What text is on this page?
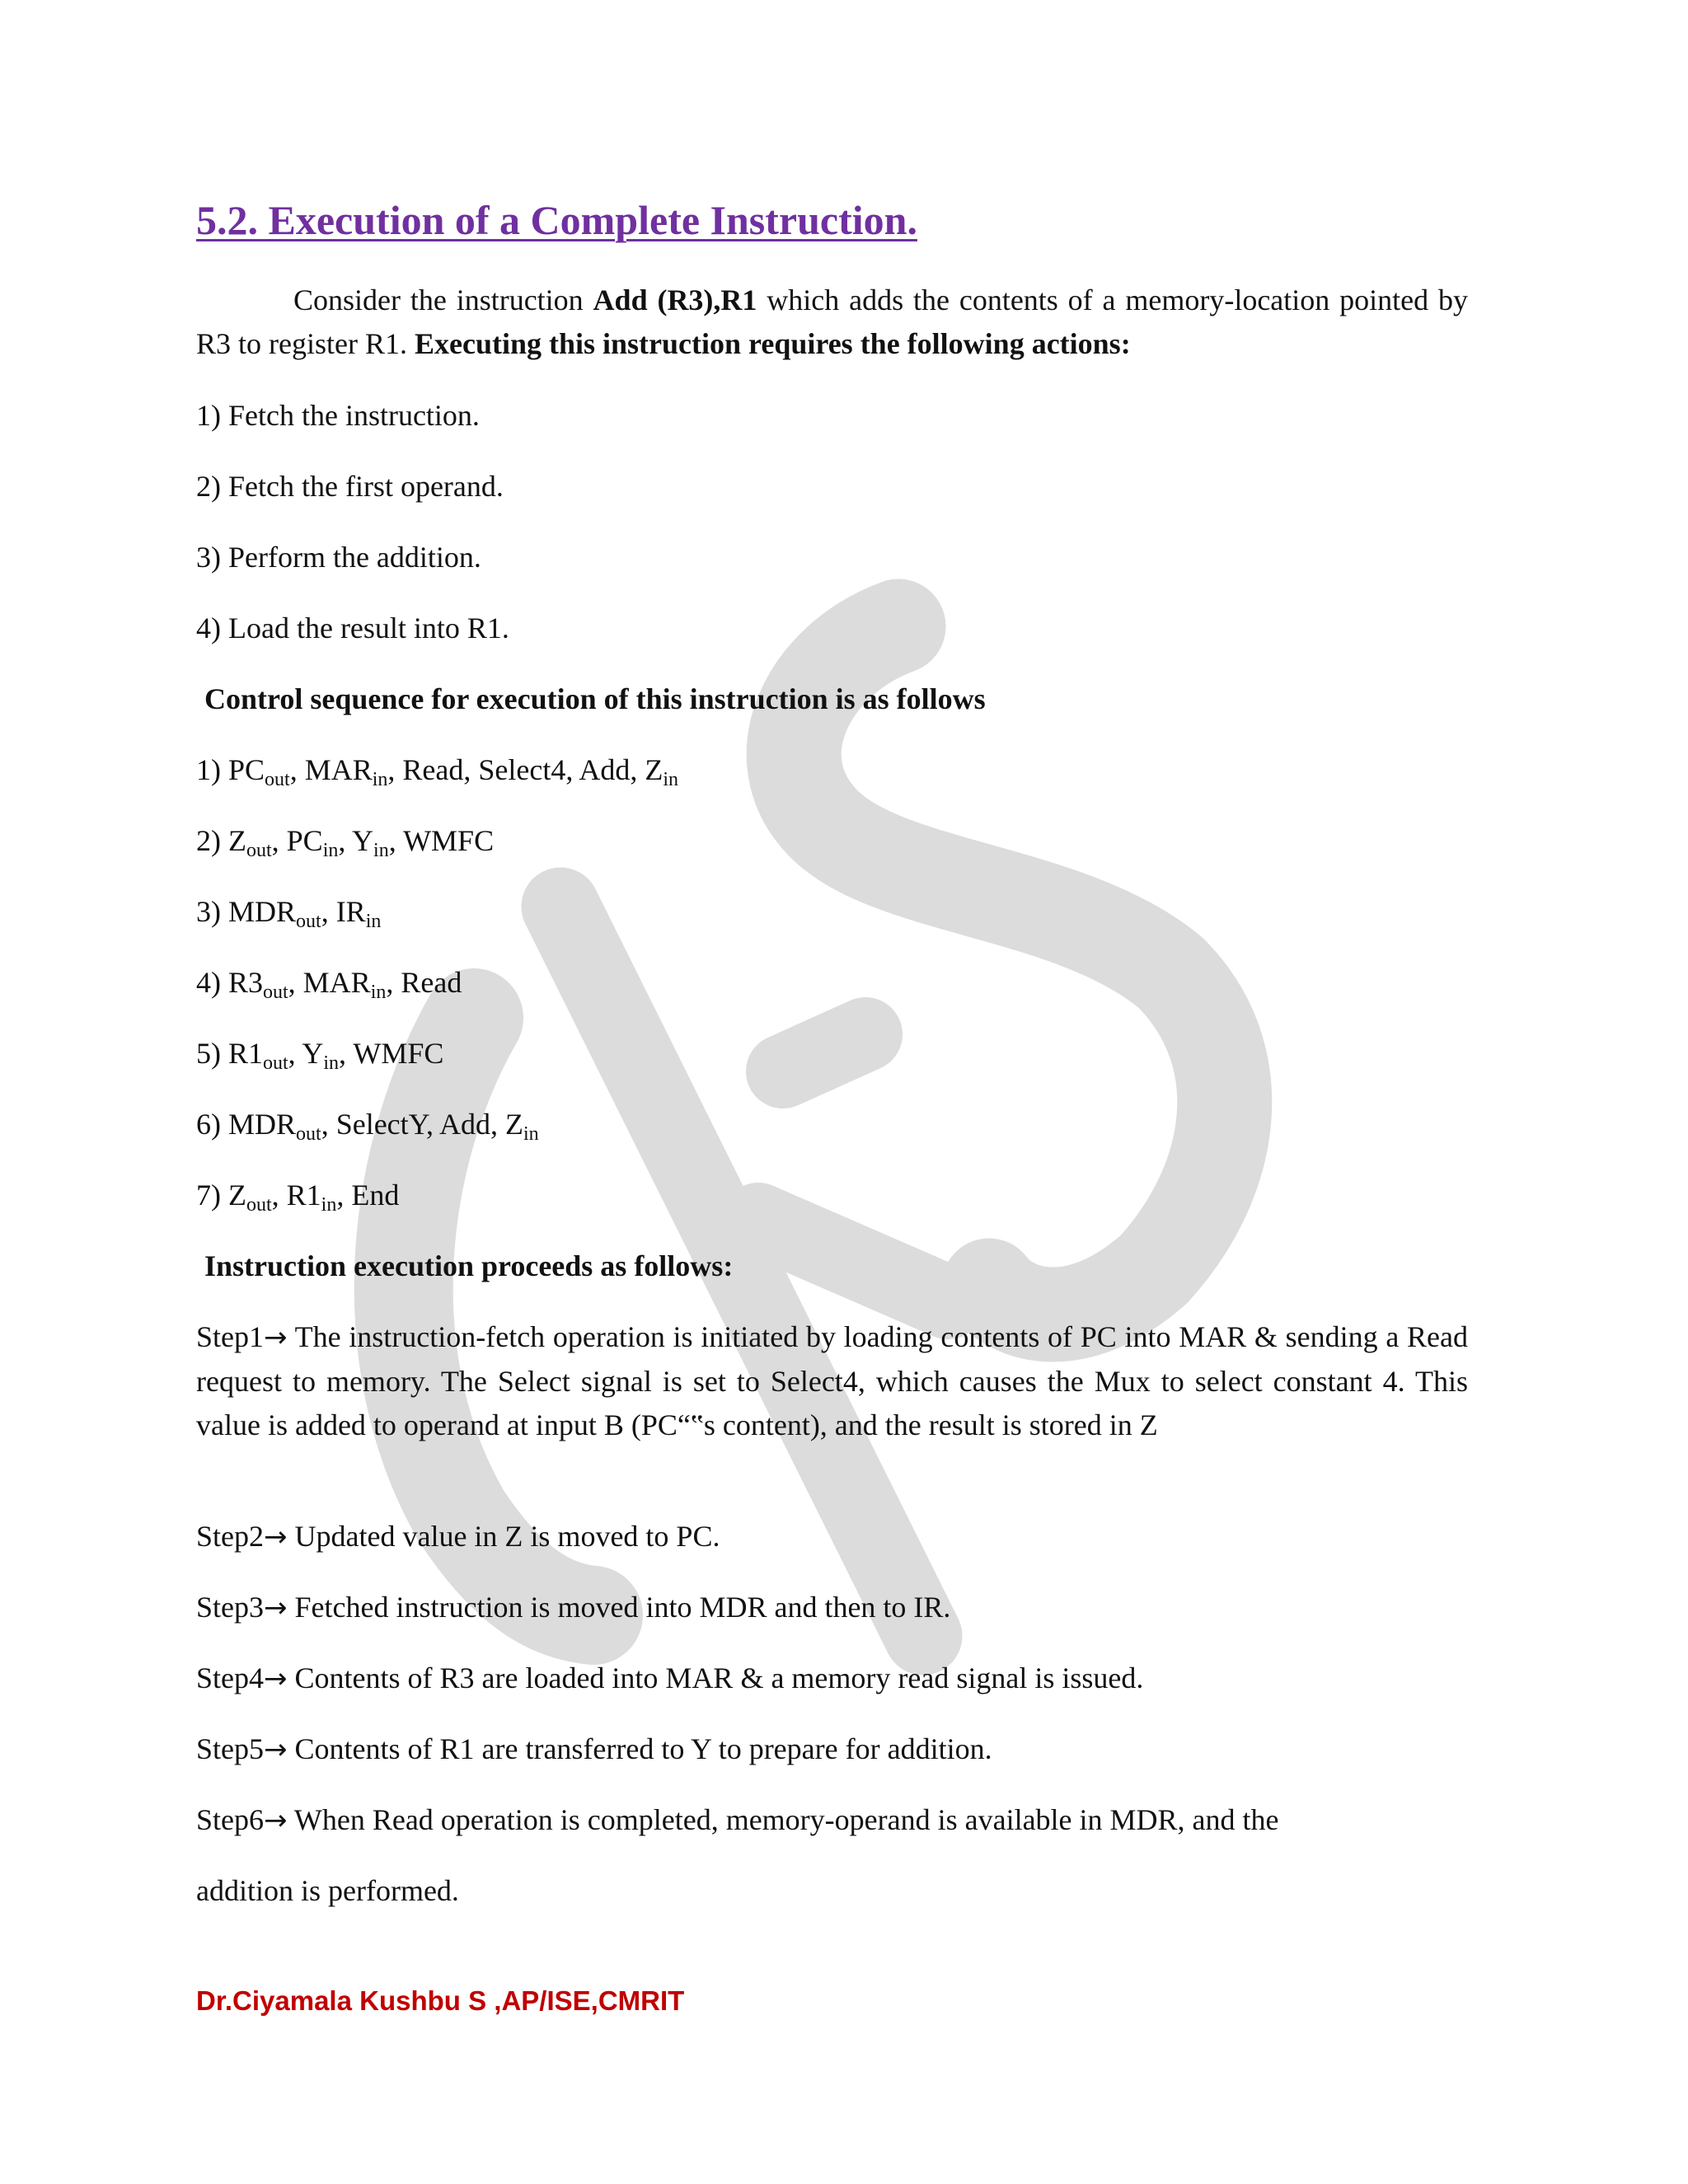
5.2. Execution of a Complete Instruction.
Consider the instruction Add (R3),R1 which adds the contents of a memory-location pointed by R3 to register R1. Executing this instruction requires the following actions:
1) Fetch the instruction.
2) Fetch the first operand.
3) Perform the addition.
4) Load the result into R1.
Control sequence for execution of this instruction is as follows
1) $PC_{out}$, $MAR_{in}$, Read, Select4, Add, $Z_{in}$
2) $Z_{out}$, $PC_{in}$, $Y_{in}$, WMFC
3) $MDR_{out}$, $IR_{in}$
4) $R3_{out}$, $MAR_{in}$, Read
5) $R1_{out}$, $Y_{in}$, WMFC
6) $MDR_{out}$, SelectY, Add, $Z_{in}$
7) $Z_{out}$, $R1_{in}$, End
Instruction execution proceeds as follows:
Step1→ The instruction-fetch operation is initiated by loading contents of PC into MAR & sending a Read request to memory. The Select signal is set to Select4, which causes the Mux to select constant 4. This value is added to operand at input B (PC“‟s content), and the result is stored in Z
Step2→ Updated value in Z is moved to PC.
Step3→ Fetched instruction is moved into MDR and then to IR.
Step4→ Contents of R3 are loaded into MAR & a memory read signal is issued.
Step5→ Contents of R1 are transferred to Y to prepare for addition.
Step6→ When Read operation is completed, memory-operand is available in MDR, and the
addition is performed.
Dr.Ciyamala Kushbu S ,AP/ISE,CMRIT
